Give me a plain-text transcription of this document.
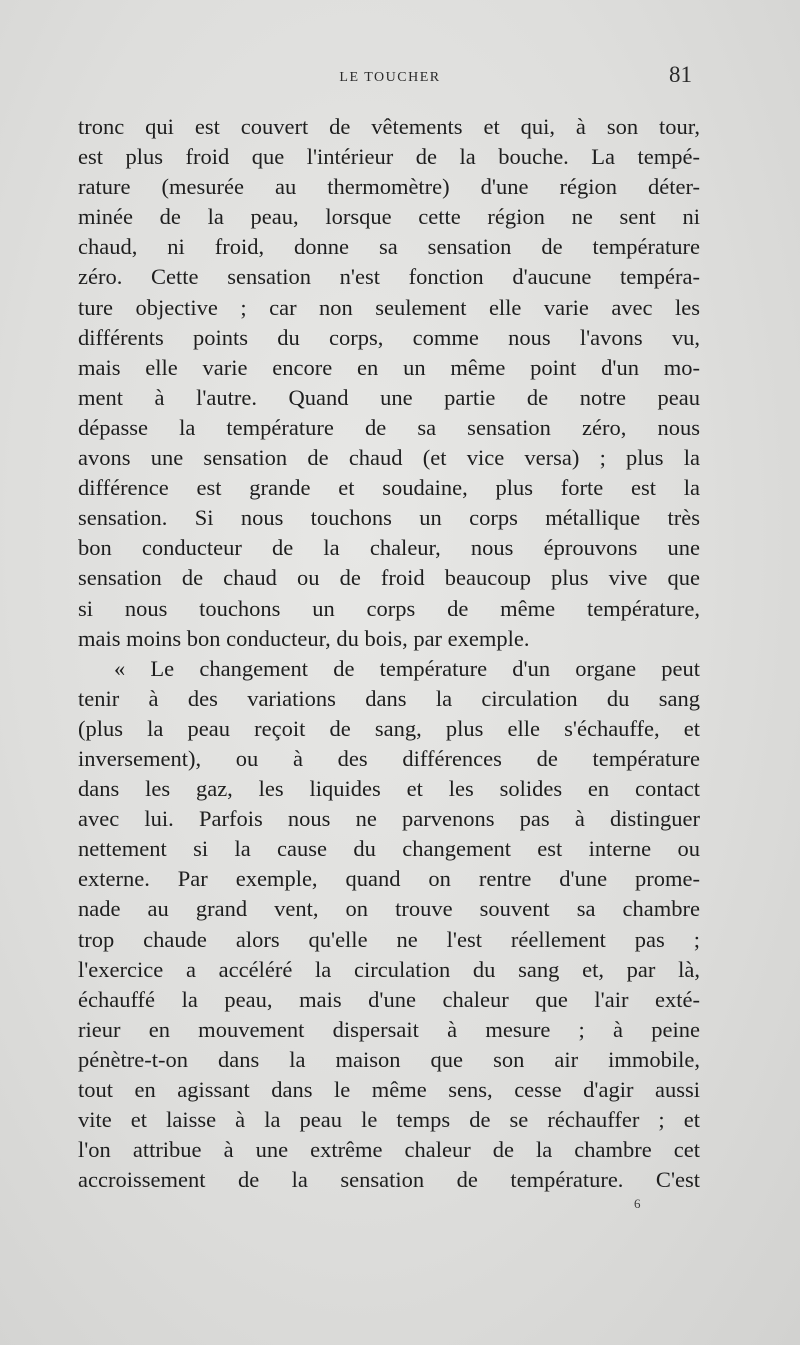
LE TOUCHER	81
tronc qui est couvert de vêtements et qui, à son tour,
est plus froid que l'intérieur de la bouche. La tempé-
rature (mesurée au thermomètre) d'une région déter-
minée de la peau, lorsque cette région ne sent ni
chaud, ni froid, donne sa sensation de température
zéro. Cette sensation n'est fonction d'aucune tempéra-
ture objective ; car non seulement elle varie avec les
différents points du corps, comme nous l'avons vu,
mais elle varie encore en un même point d'un mo-
ment à l'autre. Quand une partie de notre peau
dépasse la température de sa sensation zéro, nous
avons une sensation de chaud (et vice versa) ; plus la
différence est grande et soudaine, plus forte est la
sensation. Si nous touchons un corps métallique très
bon conducteur de la chaleur, nous éprouvons une
sensation de chaud ou de froid beaucoup plus vive que
si nous touchons un corps de même température,
mais moins bon conducteur, du bois, par exemple.
« Le changement de température d'un organe peut
tenir à des variations dans la circulation du sang
(plus la peau reçoit de sang, plus elle s'échauffe, et
inversement), ou à des différences de température
dans les gaz, les liquides et les solides en contact
avec lui. Parfois nous ne parvenons pas à distinguer
nettement si la cause du changement est interne ou
externe. Par exemple, quand on rentre d'une prome-
nade au grand vent, on trouve souvent sa chambre
trop chaude alors qu'elle ne l'est réellement pas ;
l'exercice a accéléré la circulation du sang et, par là,
échauffé la peau, mais d'une chaleur que l'air exté-
rieur en mouvement dispersait à mesure ; à peine
pénètre-t-on dans la maison que son air immobile,
tout en agissant dans le même sens, cesse d'agir aussi
vite et laisse à la peau le temps de se réchauffer ; et
l'on attribue à une extrême chaleur de la chambre cet
accroissement de la sensation de température. C'est
6
